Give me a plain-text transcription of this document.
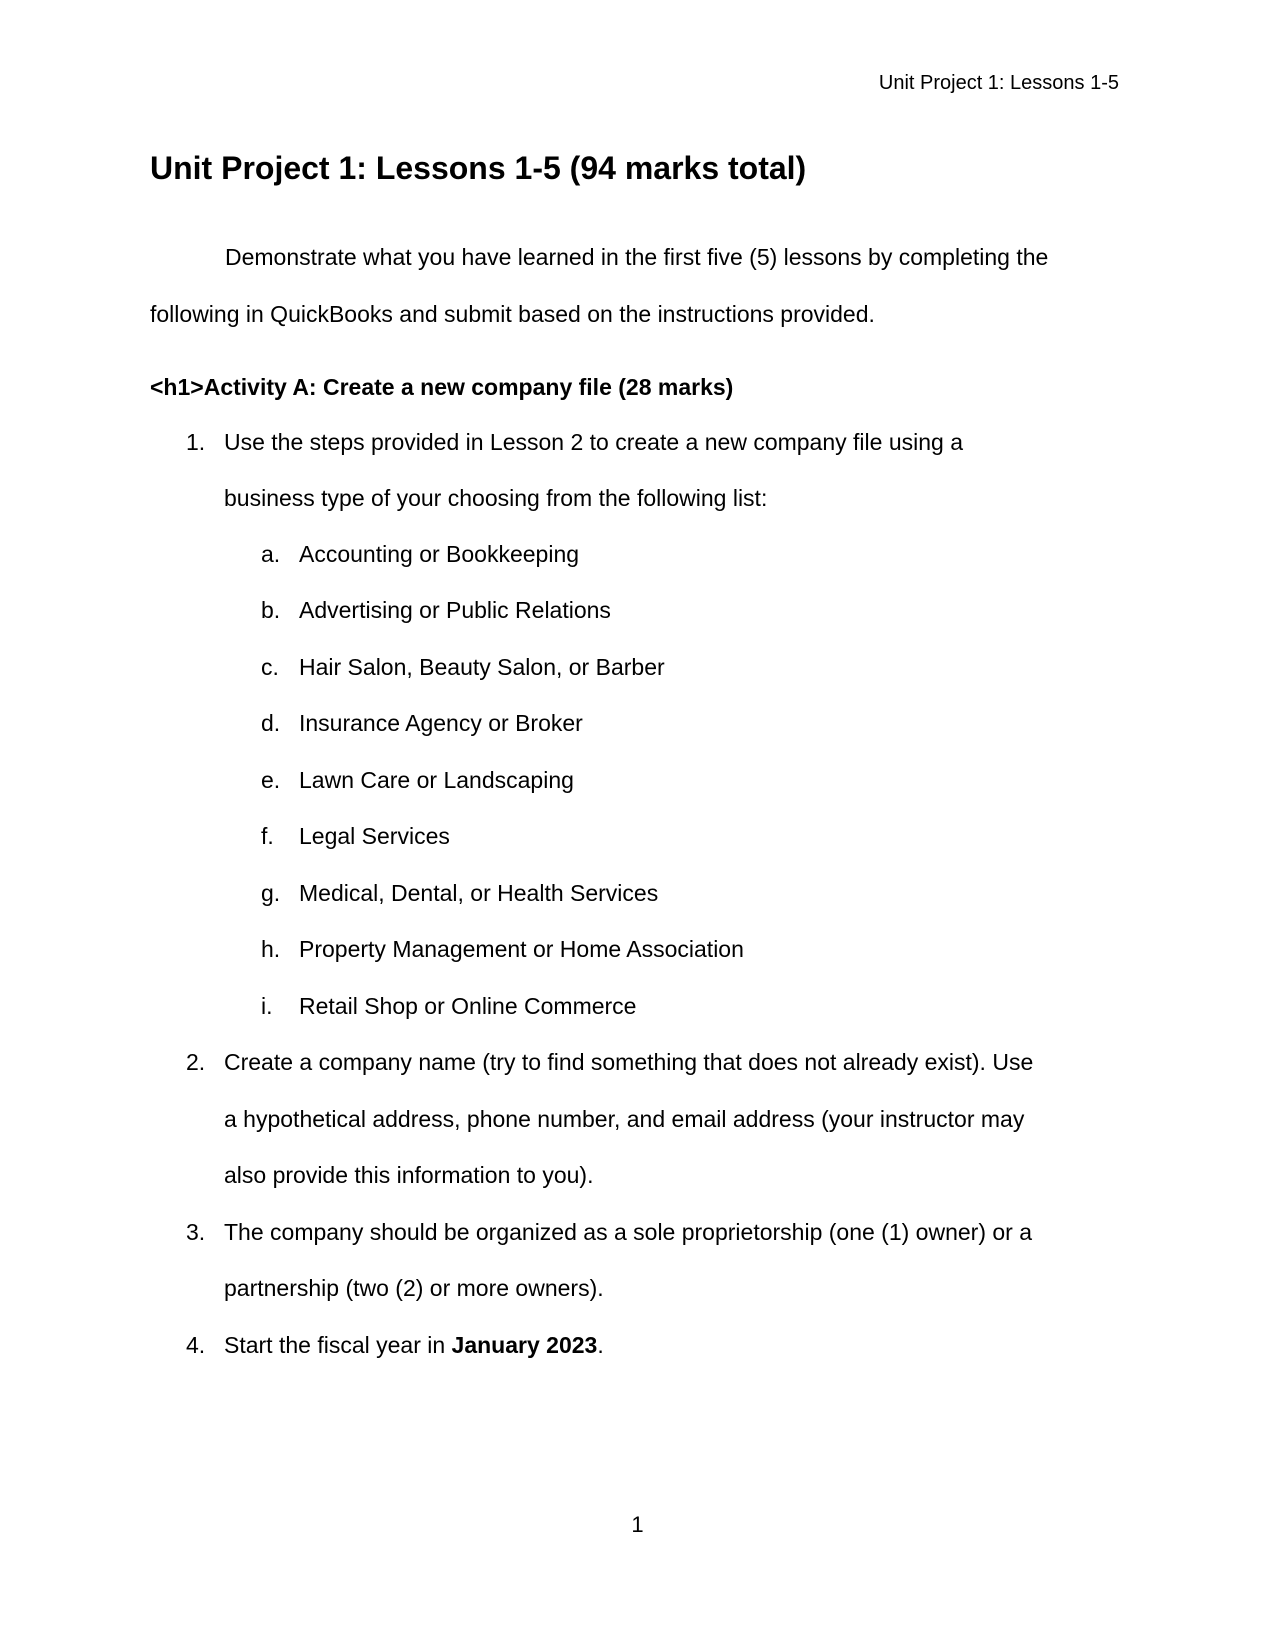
Unit Project 1: Lessons 1-5
Unit Project 1: Lessons 1-5 (94 marks total)

Demonstrate what you have learned in the first five (5) lessons by completing the following in QuickBooks and submit based on the instructions provided.

<h1>Activity A: Create a new company file (28 marks)
1. Use the steps provided in Lesson 2 to create a new company file using a
business type of your choosing from the following list:
a. Accounting or Bookkeeping
b. Advertising or Public Relations
c. Hair Salon, Beauty Salon, or Barber
d. Insurance Agency or Broker
e. Lawn Care or Landscaping
f. Legal Services
g. Medical, Dental, or Health Services
h. Property Management or Home Association
i. Retail Shop or Online Commerce
2. Create a company name (try to find something that does not already exist). Use
a hypothetical address, phone number, and email address (your instructor may
also provide this information to you).
3. The company should be organized as a sole proprietorship (one (1) owner) or a
partnership (two (2) or more owners).
4. Start the fiscal year in January 2023.
1
